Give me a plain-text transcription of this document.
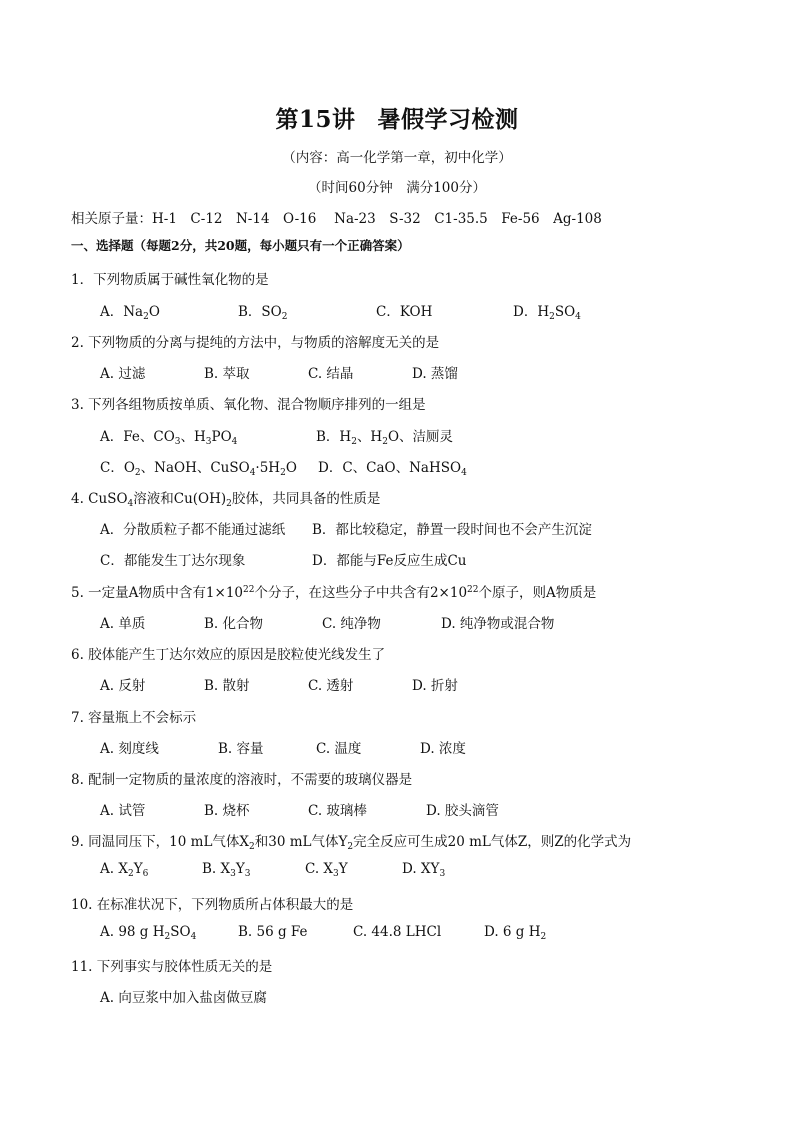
第15讲 暑假学习检测
（内容：高一化学第一章，初中化学）
（时间60分钟　满分100分）
相关原子量：H-1　C-12　N-14　O-16　 Na-23　S-32　C1-35.5　Fe-56　Ag-108
一、选择题（每题2分，共20题，每小题只有一个正确答案）
1．下列物质属于碱性氧化物的是
A．$Na_2O$	B．$SO_2$	C．KOH	D．$H_2SO_4$
2. 下列物质的分离与提纯的方法中，与物质的溶解度无关的是
A. 过滤	B. 萃取	C. 结晶	D. 蒸馏
3. 下列各组物质按单质、氧化物、混合物顺序排列的一组是
A．Fe、$CO_3$、$H_3PO_4$	B．$H_2$、$H_2O$、洁厕灵
C．$O_2$、NaOH、$CuSO_4\cdot 5H_2O$ D．C、CaO、NaHSO$_4$
4. CuSO$_4$溶液和$Cu(OH)_2$胶体，共同具备的性质是
A．分散质粒子都不能通过滤纸 B．都比较稳定，静置一段时间也不会产生沉淀
C．都能发生丁达尔现象	D．都能与Fe反应生成Cu
5. 一定量A物质中含有$1\times 10^{22}$个分子，在这些分子中共含有$2\times 10^{22}$个原子，则A物质是
A. 单质	B. 化合物	C. 纯净物	D. 纯净物或混合物
6. 胶体能产生丁达尔效应的原因是胶粒使光线发生了
A. 反射	B. 散射	C. 透射	D. 折射
7. 容量瓶上不会标示
A. 刻度线	B. 容量	C. 温度	D. 浓度
8. 配制一定物质的量浓度的溶液时，不需要的玻璃仪器是
A. 试管	B. 烧杯	C. 玻璃棒	D. 胶头滴管
9. 同温同压下，10 mL气体$X_2$和30 mL气体$Y_2$完全反应可生成20 mL气体Z，则Z的化学式为
A. $X_2Y_6$	B. $X_3Y_3$	C. $X_3Y$	D. $XY_3$
10. 在标准状况下，下列物质所占体积最大的是
A. 98 g $H_2SO_4$	B. 56 g Fe	C. 44.8 LHCl	D. 6 g $H_2$
11. 下列事实与胶体性质无关的是
A. 向豆浆中加入盐卤做豆腐
